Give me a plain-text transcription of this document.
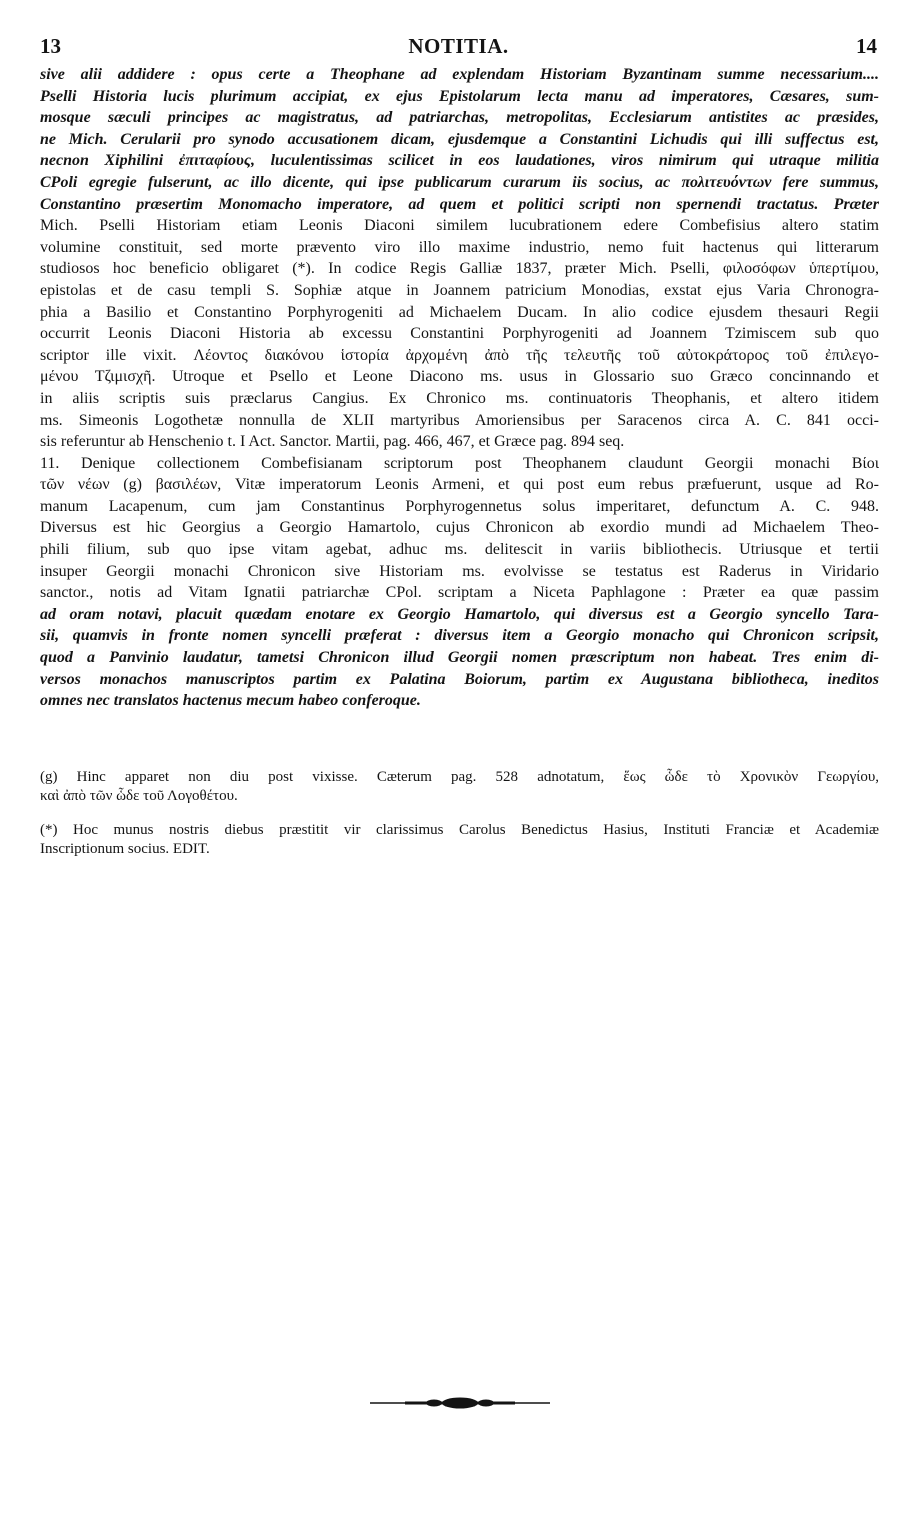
13	NOTITIA.	14
sive alii addidere : opus certe a Theophane ad explendam Historiam Byzantinam summe necessarium....
Pselli Historia lucis plurimum accipiat, ex ejus Epistolarum lecta manu ad imperatores, Cæsares, sum-
mosque sæculi principes ac magistratus, ad patriarchas, metropolitas, Ecclesiarum antistites ac præsides,
ne Mich. Cerularii pro synodo accusationem dicam, ejusdemque a Constantini Lichudis qui illi suffectus est,
necnon Xiphilini ἐπιταφίους, luculentissimas scilicet in eos laudationes, viros nimirum qui utraque militia
CPoli egregie fulserunt, ac illo dicente, qui ipse publicarum curarum iis socius, ac πολιτευόντων fere summus,
Constantino præsertim Monomacho imperatore, ad quem et politici scripti non spernendi tractatus. Præter
Mich. Pselli Historiam etiam Leonis Diaconi similem lucubrationem edere Combefisius altero statim
volumine constituit, sed morte prævento viro illo maxime industrio, nemo fuit hactenus qui litterarum
studiosos hoc beneficio obligaret (*). In codice Regis Galliæ 1837, præter Mich. Pselli, φιλοσόφων ὑπερτίμου,
epistolas et de casu templi S. Sophiæ atque in Joannem patricium Monodias, exstat ejus Varia Chronogra-
phia a Basilio et Constantino Porphyrogeniti ad Michaelem Ducam. In alio codice ejusdem thesauri Regii
occurrit Leonis Diaconi Historia ab excessu Constantini Porphyrogeniti ad Joannem Tzimiscem sub quo
scriptor ille vixit. Λέοντος διακόνου ἱστορία ἀρχομένη ἀπὸ τῆς τελευτῆς τοῦ αὐτοκράτορος τοῦ ἐπιλεγο-
μένου Τζιμισχῆ. Utroque et Psello et Leone Diacono ms. usus in Glossario suo Græco concinnando et
in aliis scriptis suis præclarus Cangius. Ex Chronico ms. continuatoris Theophanis, et altero itidem
ms. Simeonis Logothetæ nonnulla de XLII martyribus Amoriensibus per Saracenos circa A. C. 841 occi-
sis referuntur ab Henschenio t. I Act. Sanctor. Martii, pag. 466, 467, et Græce pag. 894 seq.
11. Denique collectionem Combefisianam scriptorum post Theophanem claudunt Georgii monachi Βίοι
τῶν νέων (g) βασιλέων, Vitæ imperatorum Leonis Armeni, et qui post eum rebus præfuerunt, usque ad Ro-
manum Lacapenum, cum jam Constantinus Porphyrogennetus solus imperitaret, defunctum A. C. 948.
Diversus est hic Georgius a Georgio Hamartolo, cujus Chronicon ab exordio mundi ad Michaelem Theo-
phili filium, sub quo ipse vitam agebat, adhuc ms. delitescit in variis bibliothecis. Utriusque et tertii
insuper Georgii monachi Chronicon sive Historiam ms. evolvisse se testatus est Raderus in Viridario
sanctor., notis ad Vitam Ignatii patriarchæ CPol. scriptam a Niceta Paphlagone : Præter ea quæ passim
ad oram notavi, placuit quædam enotare ex Georgio Hamartolo, qui diversus est a Georgio syncello Tara-
sii, quamvis in fronte nomen syncelli præferat : diversus item a Georgio monacho qui Chronicon scripsit,
quod a Panvinio laudatur, tametsi Chronicon illud Georgii nomen præscriptum non habeat. Tres enim di-
versos monachos manuscriptos partim ex Palatina Boiorum, partim ex Augustana bibliotheca, ineditos
omnes nec translatos hactenus mecum habeo conferoque.
(g) Hinc apparet non diu post vixisse. Cæterum pag. 528 adnotatum, ἕως ὧδε τὸ Χρονικὸν Γεωργίου,
καὶ ἀπὸ τῶν ὧδε τοῦ Λογοθέτου.
(*) Hoc munus nostris diebus præstitit vir clarissimus Carolus Benedictus Hasius, Instituti Franciæ et Academiæ
Inscriptionum socius. EDIT.
